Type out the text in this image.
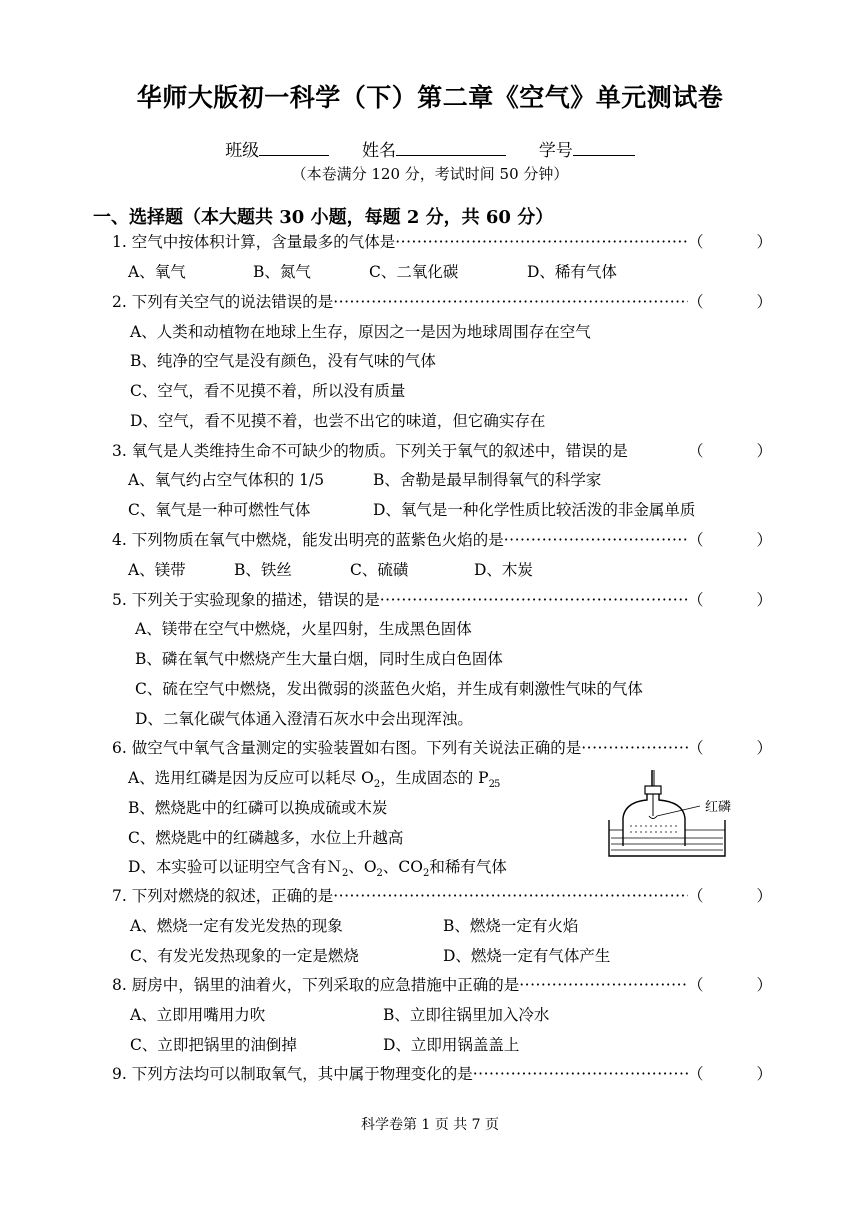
华师大版初一科学（下）第二章《空气》单元测试卷
班级	姓名	学号
（本卷满分 120 分，考试时间 50 分钟）
一、选择题（本大题共 30 小题，每题 2 分，共 60 分）
1. 空气中按体积计算，含量最多的气体是 ·····	（	）
A、氧气	B、氮气	C、二氧化碳	D、稀有气体
2. 下列有关空气的说法错误的是 ·····	（	）
A、人类和动植物在地球上生存，原因之一是因为地球周围存在空气
B、纯净的空气是没有颜色，没有气味的气体
C、空气，看不见摸不着，所以没有质量
D、空气，看不见摸不着，也尝不出它的味道，但它确实存在
3. 氧气是人类维持生命不可缺少的物质。下列关于氧气的叙述中，错误的是	（	）
A、氧气约占空气体积的 1/5	B、舍勒是最早制得氧气的科学家
C、氧气是一种可燃性气体	D、氧气是一种化学性质比较活泼的非金属单质
4. 下列物质在氧气中燃烧，能发出明亮的蓝紫色火焰的是 ·····	（	）
A、镁带	B、铁丝	C、硫磺	D、木炭
5. 下列关于实验现象的描述，错误的是 ·····	（	）
A、镁带在空气中燃烧，火星四射，生成黑色固体
B、磷在氧气中燃烧产生大量白烟，同时生成白色固体
C、硫在空气中燃烧，发出微弱的淡蓝色火焰，并生成有刺激性气味的气体
D、二氧化碳气体通入澄清石灰水中会出现浑浊。
6. 做空气中氧气含量测定的实验装置如右图。下列有关说法正确的是 ·····	（	）
A、选用红磷是因为反应可以耗尽 $O_2$，生成固态的 $P_{25}$
B、燃烧匙中的红磷可以换成硫或木炭
C、燃烧匙中的红磷越多，水位上升越高
D、本实验可以证明空气含有Ｎ$_2$、$O_2$、$CO_2$和稀有气体
红磷
7. 下列对燃烧的叙述，正确的是 ·····	（	）
A、燃烧一定有发光发热的现象	B、燃烧一定有火焰
C、有发光发热现象的一定是燃烧	D、燃烧一定有气体产生
8. 厨房中，锅里的油着火，下列采取的应急措施中正确的是 ·····	（	）
A、立即用嘴用力吹	B、立即往锅里加入冷水
C、立即把锅里的油倒掉	D、立即用锅盖盖上
9. 下列方法均可以制取氧气，其中属于物理变化的是 ·····	（	）
科学卷第 1 页 共 7 页
